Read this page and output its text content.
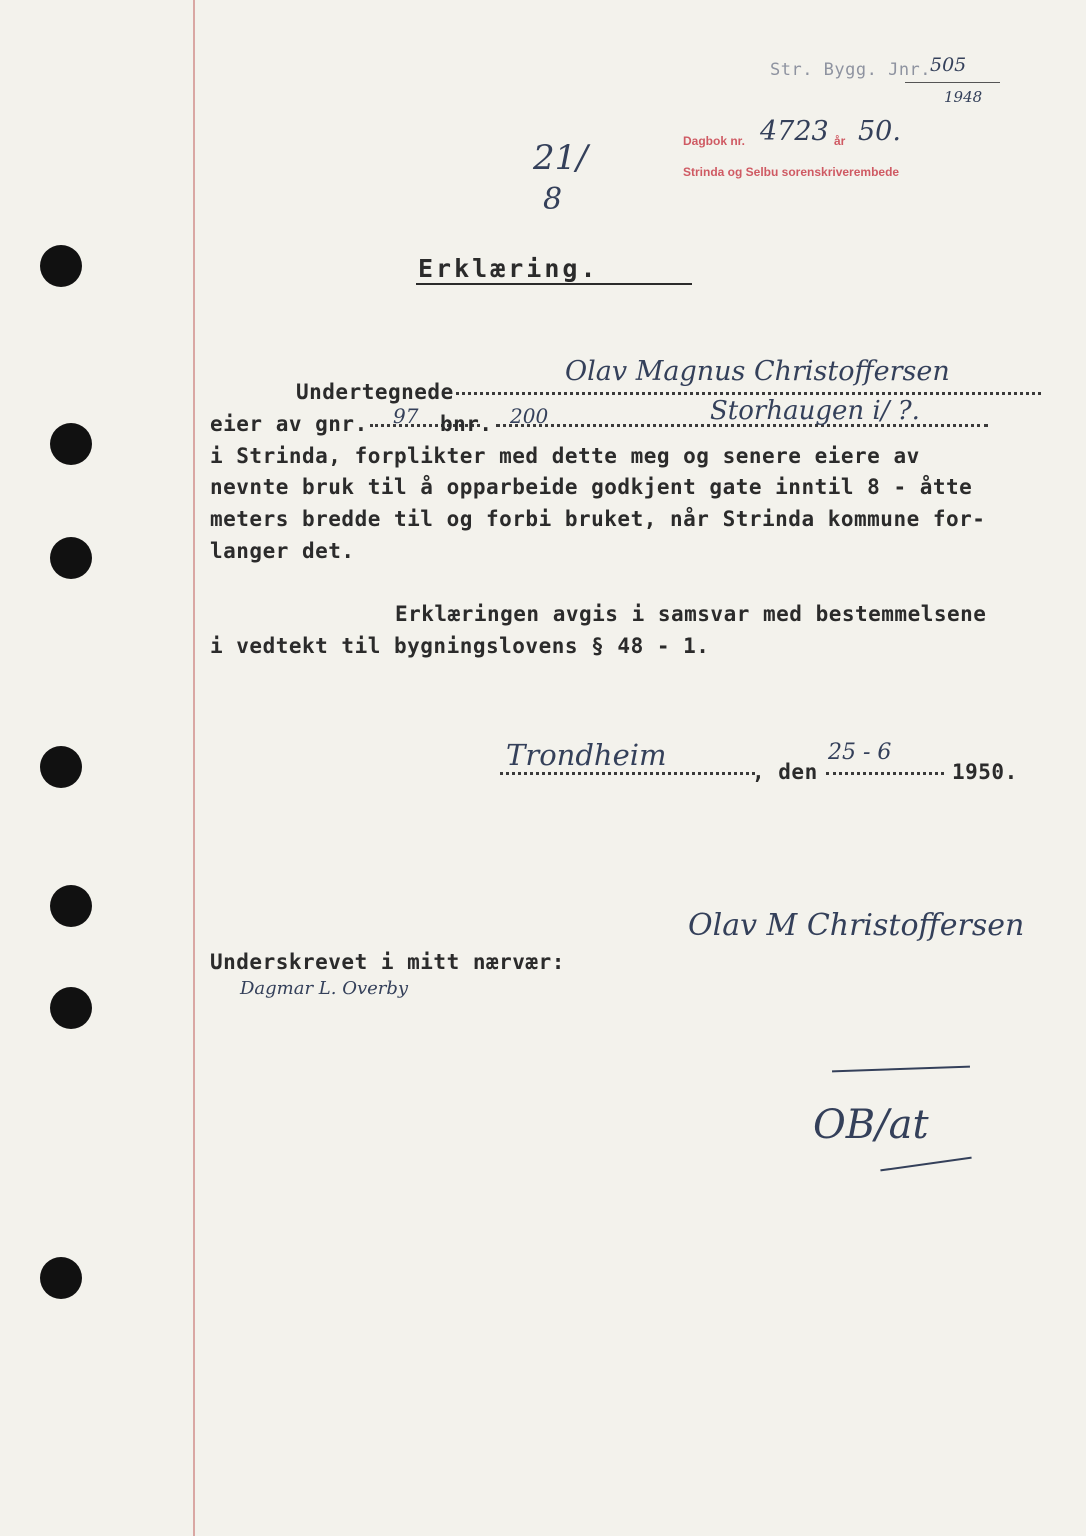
Str. Bygg. Jnr.
505
1948
Dagbok nr. 4723 år 50.
Strinda og Selbu sorenskriverembede
21/
8
Erklæring.
Undertegnede
Olav Magnus Christoffersen
eier av gnr. 97 bnr. 200	Storhaugen i/ ?.
i Strinda, forplikter med dette meg og senere eiere av
nevnte bruk til å opparbeide godkjent gate inntil 8 - åtte
meters bredde til og forbi bruket, når Strinda kommune for-
langer det.
Erklæringen avgis i samsvar med bestemmelsene
i vedtekt til bygningslovens § 48 - 1.
Trondheim	, den
25 - 6
1950.
Olav M Christoffersen
Underskrevet i mitt nærvær:
Dagmar L. Overby
OB/at
